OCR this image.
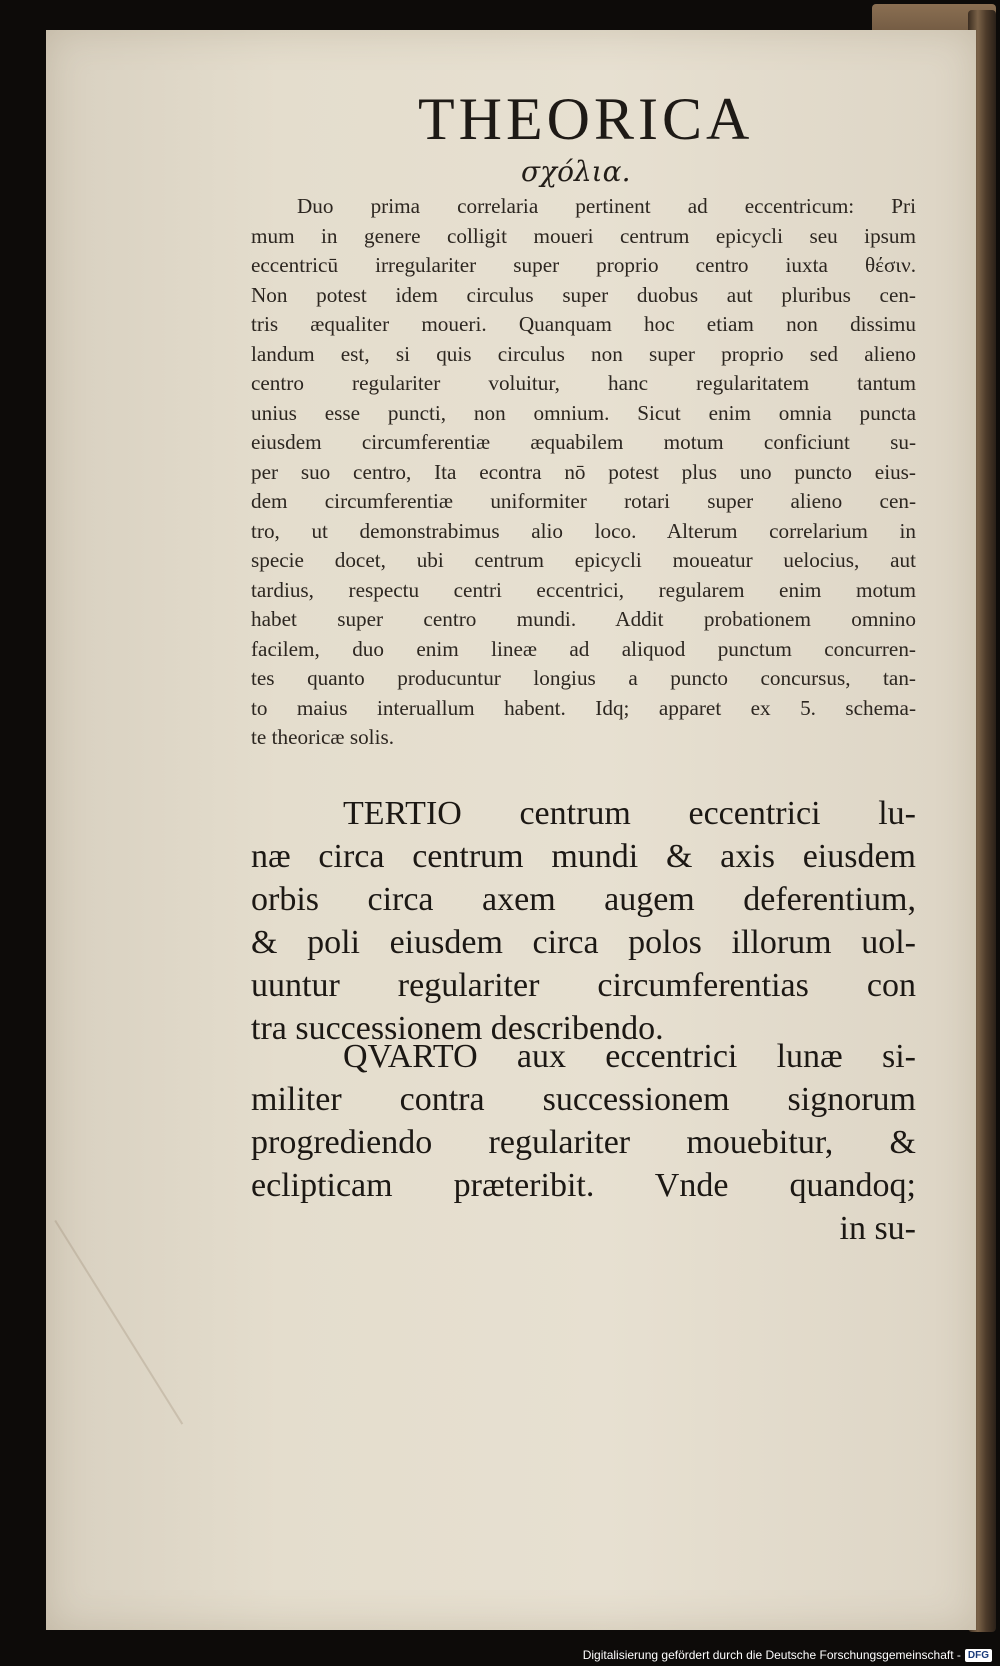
THEORICA
σχόλια.
Duo prima correlaria pertinent ad eccentricum: Pri
mum in genere colligit moueri centrum epicycli seu ipsum
eccentricū irregulariter super proprio centro iuxta θέσιν.
Non potest idem circulus super duobus aut pluribus cen-
tris æqualiter moueri. Quanquam hoc etiam non dissimu
landum est, si quis circulus non super proprio sed alieno
centro regulariter voluitur, hanc regularitatem tantum
unius esse puncti, non omnium. Sicut enim omnia puncta
eiusdem circumferentiæ æquabilem motum conficiunt su-
per suo centro, Ita econtra nō potest plus uno puncto eius-
dem circumferentiæ uniformiter rotari super alieno cen-
tro, ut demonstrabimus alio loco. Alterum correlarium in
specie docet, ubi centrum epicycli moueatur uelocius, aut
tardius, respectu centri eccentrici, regularem enim motum
habet super centro mundi. Addit probationem omnino
facilem, duo enim lineæ ad aliquod punctum concurren-
tes quanto producuntur longius a puncto concursus, tan-
to maius interuallum habent. Idq; apparet ex 5. schema-
te theoricæ solis.
TERTIO centrum eccentrici lu-
næ circa centrum mundi & axis eiusdem
orbis circa axem augem deferentium,
& poli eiusdem circa polos illorum uol-
uuntur regulariter circumferentias con
tra successionem describendo.
QVARTO aux eccentrici lunæ si-
militer contra successionem signorum
progrediendo regulariter mouebitur, &
eclipticam præteribit. Vnde quandoq;
in su-
Digitalisierung gefördert durch die Deutsche Forschungsgemeinschaft - DFG
